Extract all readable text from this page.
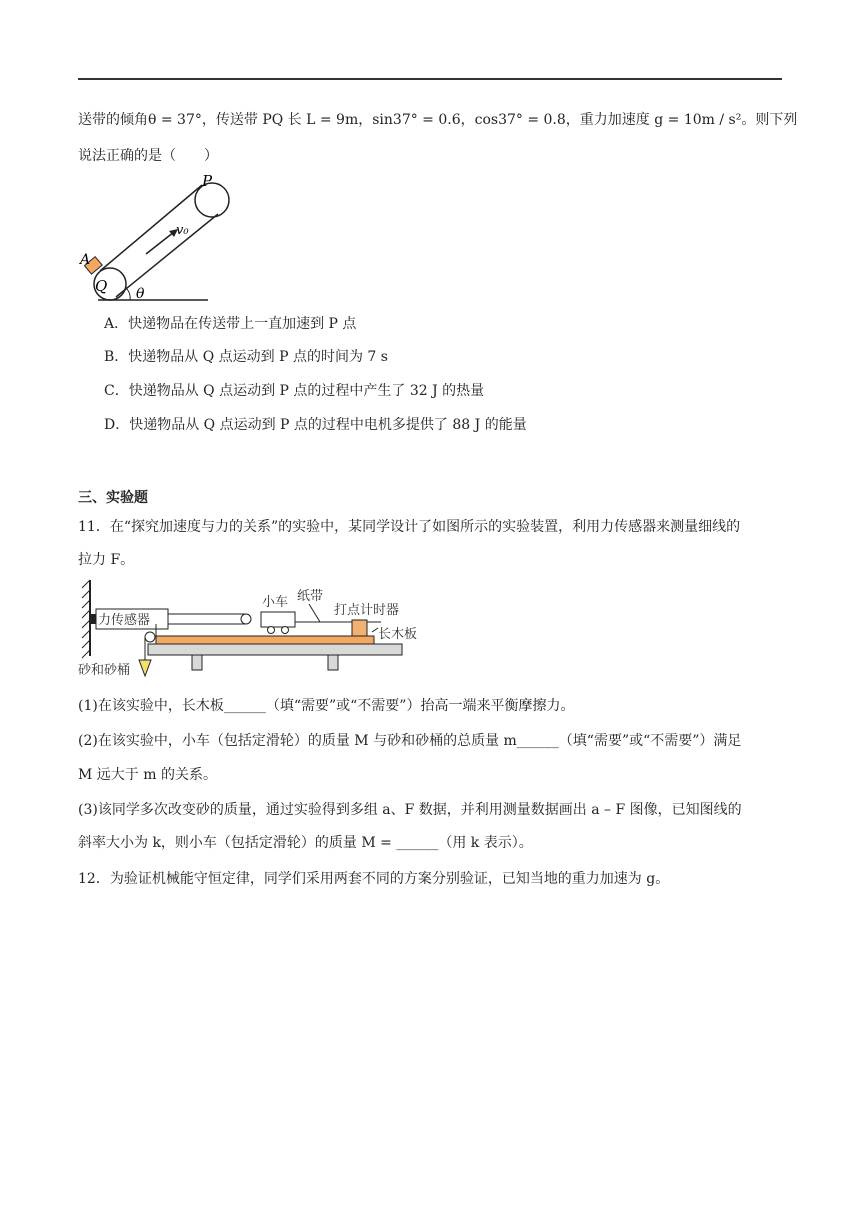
送带的倾角θ = 37°，传送带 PQ 长 L = 9m，sin37° = 0.6，cos37° = 0.8，重力加速度 g = 10m / s²。则下列
说法正确的是（　　）
P
Q
A
v₀
θ
A．快递物品在传送带上一直加速到 P 点
B．快递物品从 Q 点运动到 P 点的时间为 7 s
C．快递物品从 Q 点运动到 P 点的过程中产生了 32 J 的热量
D．快递物品从 Q 点运动到 P 点的过程中电机多提供了 88 J 的能量
三、实验题
11．在“探究加速度与力的关系”的实验中，某同学设计了如图所示的实验装置，利用力传感器来测量细线的
拉力 F。
力传感器
小车 纸带
打点计时器
长木板
砂和砂桶
(1)在该实验中，长木板______（填“需要”或“不需要”）抬高一端来平衡摩擦力。
(2)在该实验中，小车（包括定滑轮）的质量 M 与砂和砂桶的总质量 m______（填“需要”或“不需要”）满足
M 远大于 m 的关系。
(3)该同学多次改变砂的质量，通过实验得到多组 a、F 数据，并利用测量数据画出 a – F 图像，已知图线的
斜率大小为 k，则小车（包括定滑轮）的质量 M = ______（用 k 表示）。
12．为验证机械能守恒定律，同学们采用两套不同的方案分别验证，已知当地的重力加速为 g。
